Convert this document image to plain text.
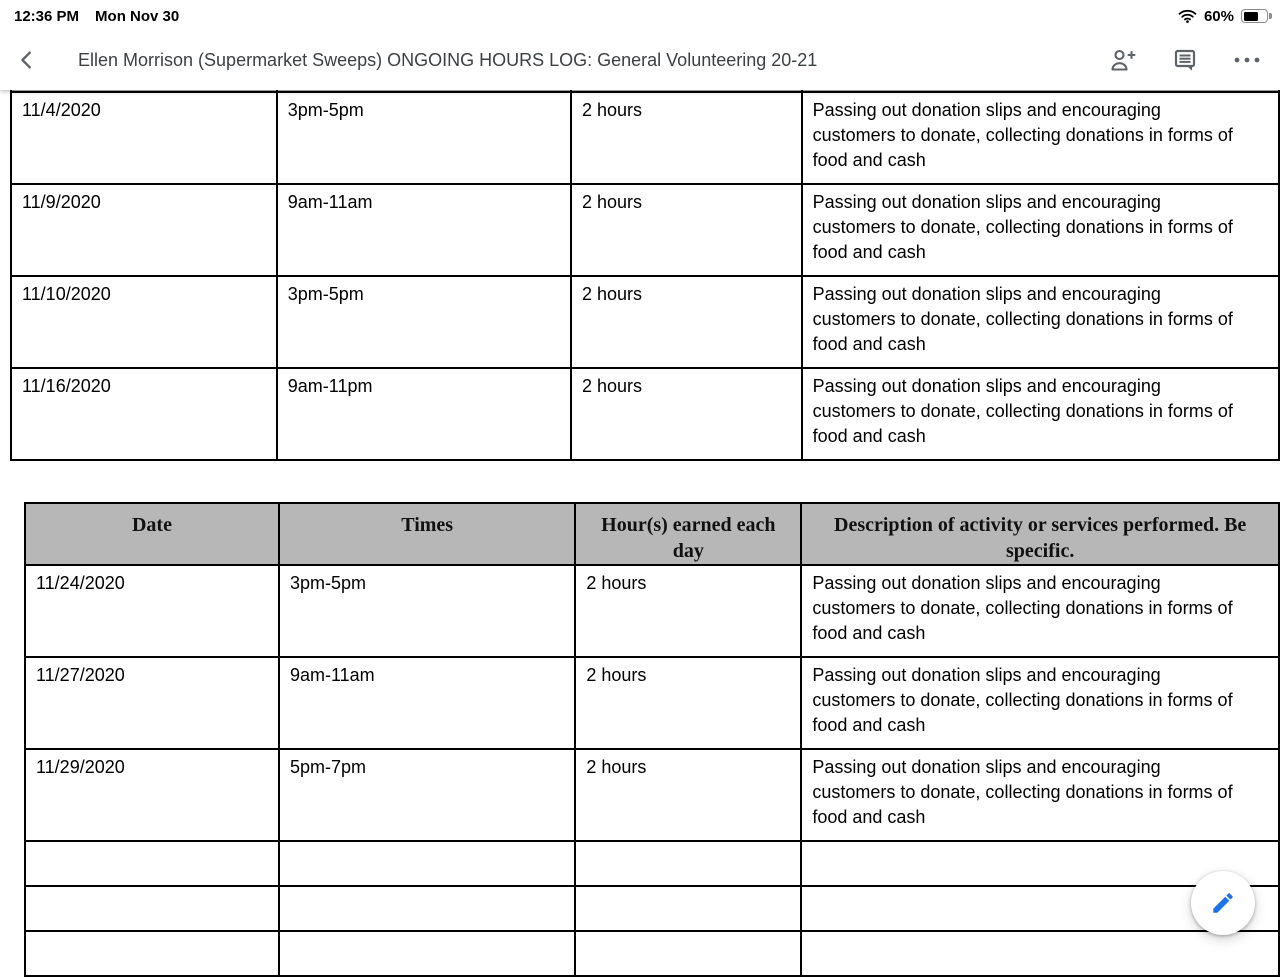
12:36 PM Mon Nov 30	60%
Ellen Morrison (Supermarket Sweeps) ONGOING HOURS LOG: General Volunteering 20-21

11/4/2020	3pm-5pm	2 hours	Passing out donation slips and encouraging customers to donate, collecting donations in forms of food and cash
11/9/2020	9am-11am	2 hours	Passing out donation slips and encouraging customers to donate, collecting donations in forms of food and cash
11/10/2020	3pm-5pm	2 hours	Passing out donation slips and encouraging customers to donate, collecting donations in forms of food and cash
11/16/2020	9am-11pm	2 hours	Passing out donation slips and encouraging customers to donate, collecting donations in forms of food and cash
Date	Times	Hour(s) earned each day	Description of activity or services performed. Be specific.
11/24/2020	3pm-5pm	2 hours	Passing out donation slips and encouraging customers to donate, collecting donations in forms of food and cash
11/27/2020	9am-11am	2 hours	Passing out donation slips and encouraging customers to donate, collecting donations in forms of food and cash
11/29/2020	5pm-7pm	2 hours	Passing out donation slips and encouraging customers to donate, collecting donations in forms of food and cash
